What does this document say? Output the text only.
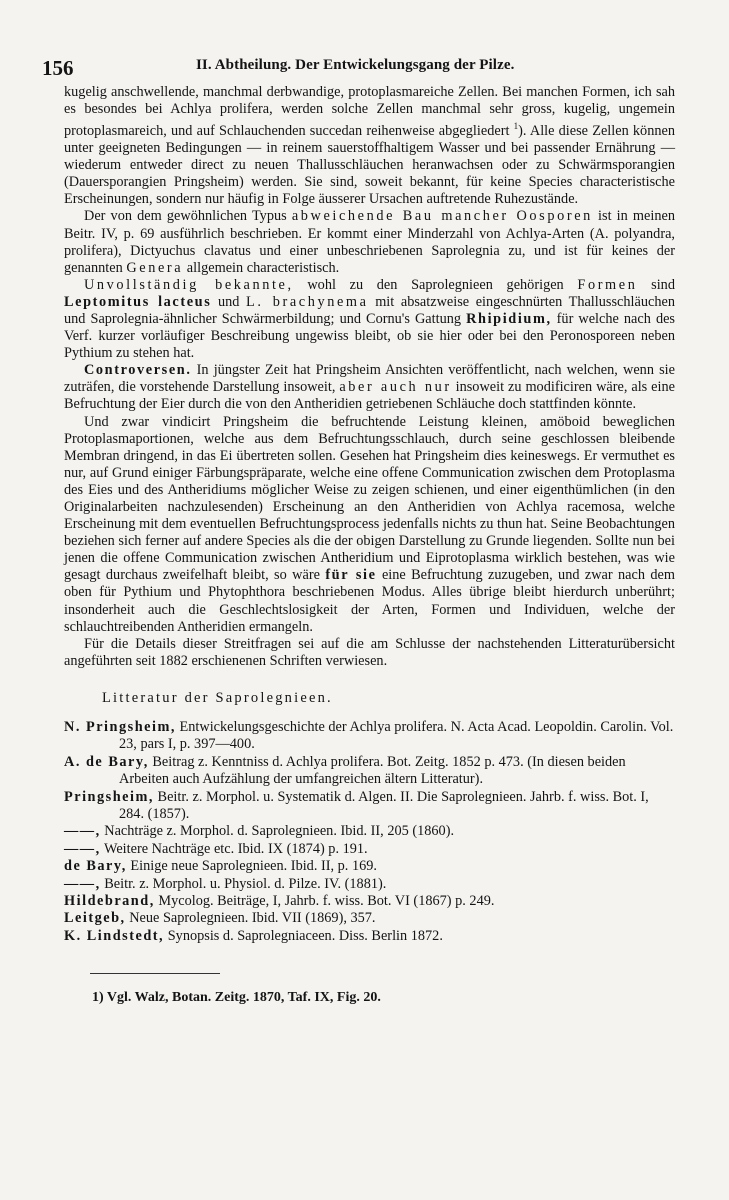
156	II. Abtheilung. Der Entwickelungsgang der Pilze.

kugelig anschwellende, manchmal derbwandige, protoplasmareiche Zellen. Bei manchen Formen, ich sah es besondes bei Achlya prolifera, werden solche Zellen manchmal sehr gross, kugelig, ungemein protoplasmareich, und auf Schlauchenden succedan reihenweise abgegliedert $^1$). Alle diese Zellen können unter geeigneten Bedingungen — in reinem sauerstoffhaltigem Wasser und bei passender Ernährung — wiederum entweder direct zu neuen Thallusschläuchen heranwachsen oder zu Schwärmsporangien (Dauersporangien Pringsheim) werden. Sie sind, soweit bekannt, für keine Species characteristische Erscheinungen, sondern nur häufig in Folge äusserer Ursachen auftretende Ruhezustände.

Der von dem gewöhnlichen Typus abweichende Bau mancher Oosporen ist in meinen Beitr. IV, p. 69 ausführlich beschrieben. Er kommt einer Minderzahl von Achlya-Arten (A. polyandra, prolifera), Dictyuchus clavatus und einer unbeschriebenen Saprolegnia zu, und ist für keines der genannten Genera allgemein characteristisch.

Unvollständig bekannte, wohl zu den Saprolegnieen gehörigen Formen sind Leptomitus lacteus und L. brachynema mit absatzweise eingeschnürten Thallusschläuchen und Saprolegnia-ähnlicher Schwärmerbildung; und Cornu's Gattung Rhipidium, für welche nach des Verf. kurzer vorläufiger Beschreibung ungewiss bleibt, ob sie hier oder bei den Peronosporeen neben Pythium zu stehen hat.

Controversen. In jüngster Zeit hat Pringsheim Ansichten veröffentlicht, nach welchen, wenn sie zuträfen, die vorstehende Darstellung insoweit, aber auch nur insoweit zu modificiren wäre, als eine Befruchtung der Eier durch die von den Antheridien getriebenen Schläuche doch stattfinden könnte.

Und zwar vindicirt Pringsheim die befruchtende Leistung kleinen, amöboid beweglichen Protoplasmaportionen, welche aus dem Befruchtungsschlauch, durch seine geschlossen bleibende Membran dringend, in das Ei übertreten sollen. Gesehen hat Pringsheim dies keineswegs. Er vermuthet es nur, auf Grund einiger Färbungspräparate, welche eine offene Communication zwischen dem Protoplasma des Eies und des Antheridiums möglicher Weise zu zeigen schienen, und einer eigenthümlichen (in den Originalarbeiten nachzulesenden) Erscheinung an den Antheridien von Achlya racemosa, welche Erscheinung mit dem eventuellen Befruchtungsprocess jedenfalls nichts zu thun hat. Seine Beobachtungen beziehen sich ferner auf andere Species als die der obigen Darstellung zu Grunde liegenden. Sollte nun bei jenen die offene Communication zwischen Antheridium und Eiprotoplasma wirklich bestehen, was wie gesagt durchaus zweifelhaft bleibt, so wäre für sie eine Befruchtung zuzugeben, und zwar nach dem oben für Pythium und Phytophthora beschriebenen Modus. Alles übrige bleibt hierdurch unberührt; insonderheit auch die Geschlechtslosigkeit der Arten, Formen und Individuen, welche der schlauchtreibenden Antheridien ermangeln.

Für die Details dieser Streitfragen sei auf die am Schlusse der nachstehenden Litteraturübersicht angeführten seit 1882 erschienenen Schriften verwiesen.

Litteratur der Saprolegnieen.
N. Pringsheim, Entwickelungsgeschichte der Achlya prolifera. N. Acta Acad. Leopoldin. Carolin. Vol. 23, pars I, p. 397—400.
A. de Bary, Beitrag z. Kenntniss d. Achlya prolifera. Bot. Zeitg. 1852 p. 473. (In diesen beiden Arbeiten auch Aufzählung der umfangreichen ältern Litteratur).
Pringsheim, Beitr. z. Morphol. u. Systematik d. Algen. II. Die Saprolegnieen. Jahrb. f. wiss. Bot. I, 284. (1857).
——, Nachträge z. Morphol. d. Saprolegnieen. Ibid. II, 205 (1860).
——, Weitere Nachträge etc. Ibid. IX (1874) p. 191.
de Bary, Einige neue Saprolegnieen. Ibid. II, p. 169.
——, Beitr. z. Morphol. u. Physiol. d. Pilze. IV. (1881).
Hildebrand, Mycolog. Beiträge, I, Jahrb. f. wiss. Bot. VI (1867) p. 249.
Leitgeb, Neue Saprolegnieen. Ibid. VII (1869), 357.
K. Lindstedt, Synopsis d. Saprolegniaceen. Diss. Berlin 1872.
1) Vgl. Walz, Botan. Zeitg. 1870, Taf. IX, Fig. 20.
